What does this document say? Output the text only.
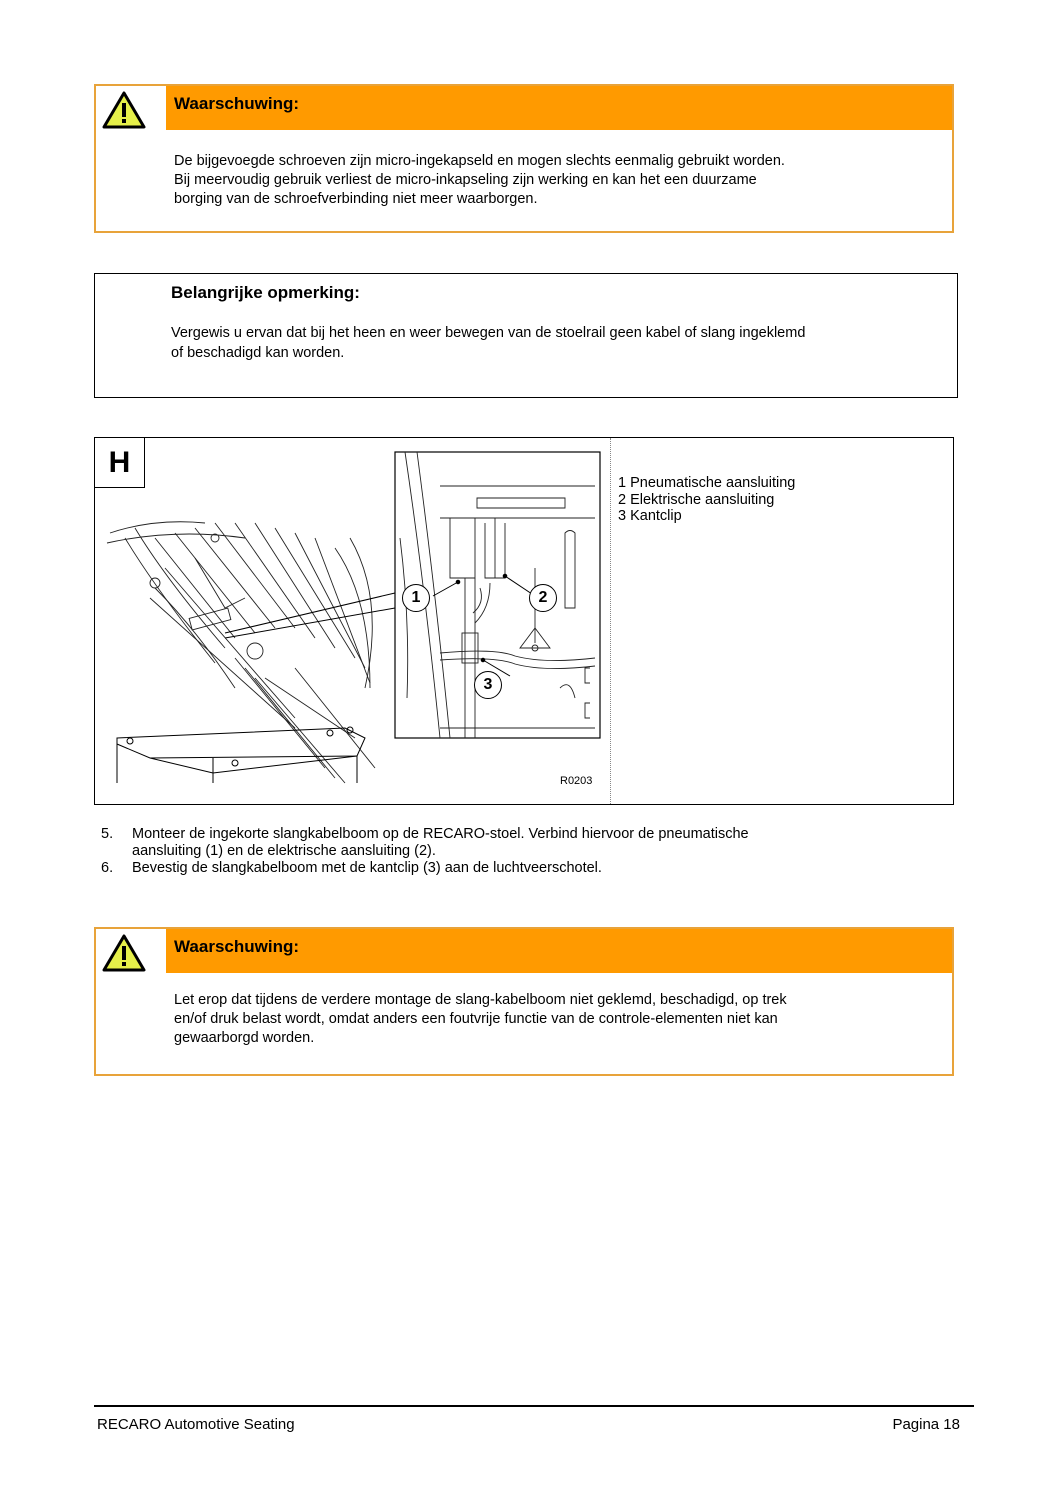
Waarschuwing:
De bijgevoegde schroeven zijn micro-ingekapseld en mogen slechts eenmalig gebruikt worden.
Bij meervoudig gebruik verliest de micro-inkapseling zijn werking en kan het een duurzame
borging van de schroefverbinding niet meer waarborgen.
Belangrijke opmerking:
Vergewis u ervan dat bij het heen en weer bewegen van de stoelrail geen kabel of slang ingeklemd
of beschadigd kan worden.
1	2
3
H
R0203
1 Pneumatische aansluiting
2 Elektrische aansluiting
3 Kantclip
5. Monteer de ingekorte slangkabelboom op de RECARO-stoel. Verbind hiervoor de pneumatische
aansluiting (1) en de elektrische aansluiting (2).
6. Bevestig de slangkabelboom met de kantclip (3) aan de luchtveerschotel.
Waarschuwing:
Let erop dat tijdens de verdere montage de slang-kabelboom niet geklemd, beschadigd, op trek
en/of druk belast wordt, omdat anders een foutvrije functie van de controle-elementen niet kan
gewaarborgd worden.
RECARO Automotive Seating	Pagina 18
